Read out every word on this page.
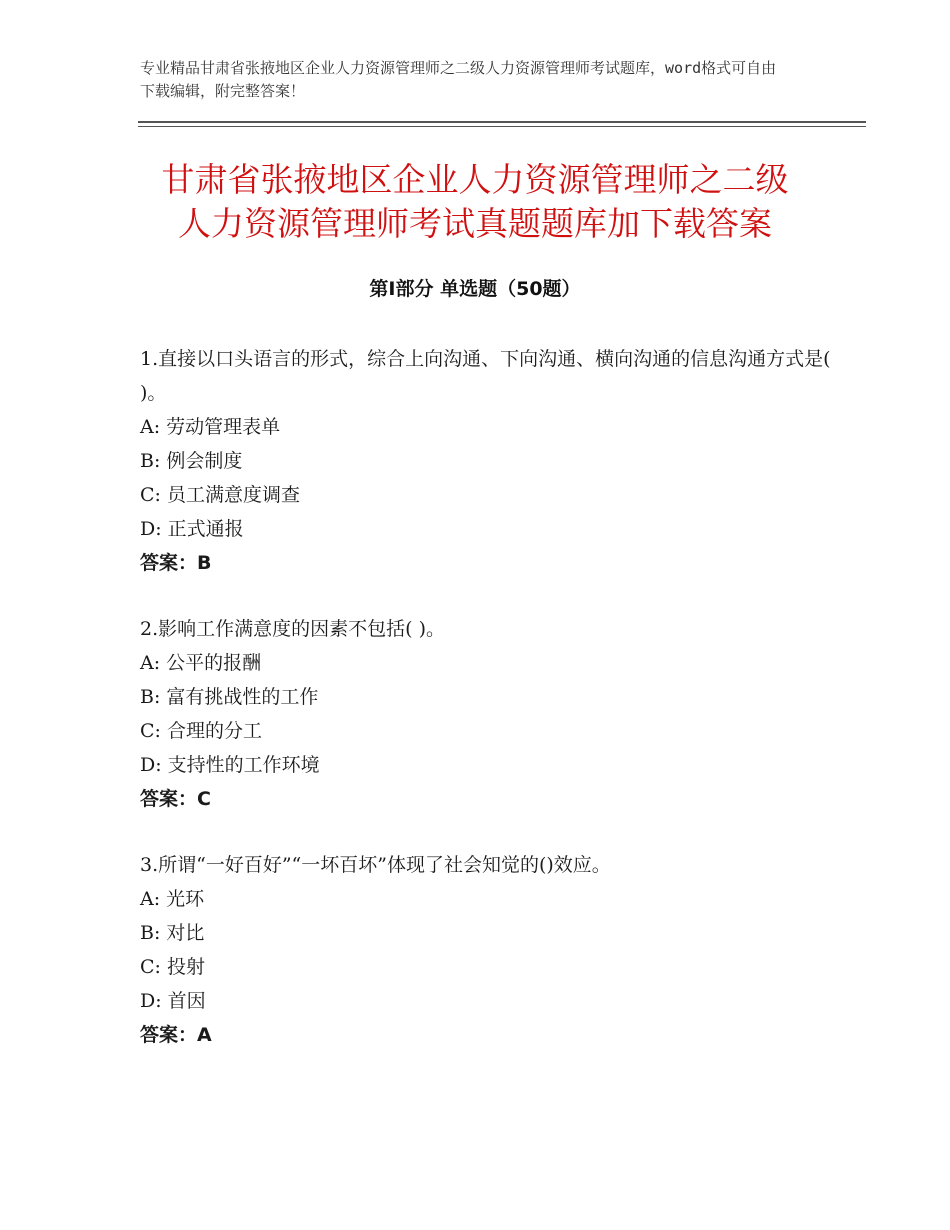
专业精品甘肃省张掖地区企业人力资源管理师之二级人力资源管理师考试题库，word格式可自由下载编辑，附完整答案！
甘肃省张掖地区企业人力资源管理师之二级
人力资源管理师考试真题题库加下载答案
第Ⅰ部分 单选题（50题）

1.直接以口头语言的形式，综合上向沟通、下向沟通、横向沟通的信息沟通方式是( )。

A: 劳动管理表单

B: 例会制度

C: 员工满意度调查

D: 正式通报

答案：B

2.影响工作满意度的因素不包括( )。

A: 公平的报酬

B: 富有挑战性的工作

C: 合理的分工

D: 支持性的工作环境

答案：C

3.所谓“一好百好”“一坏百坏”体现了社会知觉的()效应。

A: 光环

B: 对比

C: 投射

D: 首因

答案：A
